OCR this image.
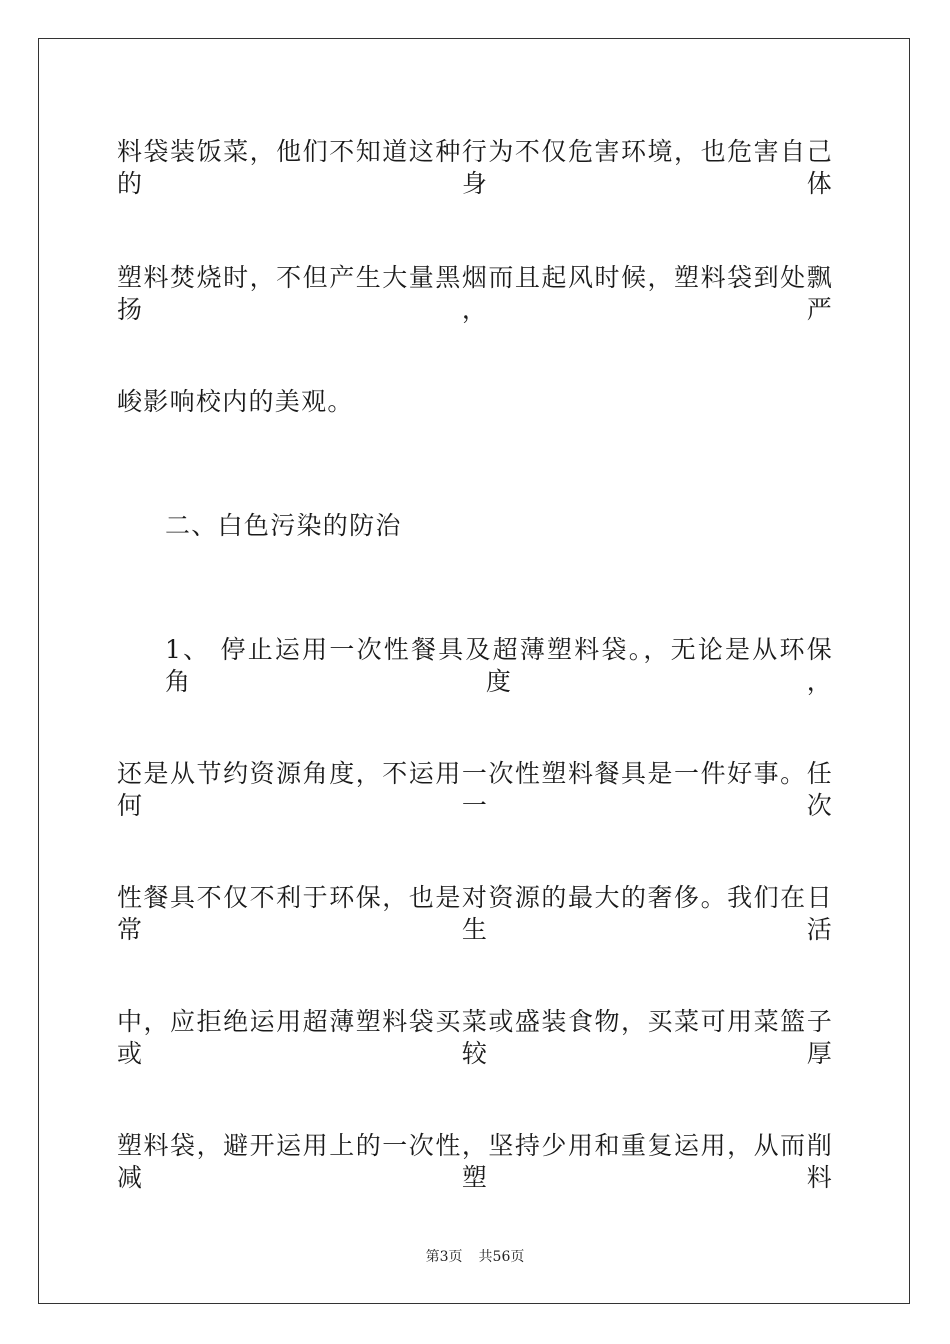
料袋装饭菜，他们不知道这种行为不仅危害环境，也危害自己的身体
塑料焚烧时，不但产生大量黑烟而且起风时候，塑料袋到处飘扬，严
峻影响校内的美观。
二、白色污染的防治
1、 停止运用一次性餐具及超薄塑料袋。，无论是从环保角度，
还是从节约资源角度，不运用一次性塑料餐具是一件好事。任何一次
性餐具不仅不利于环保，也是对资源的最大的奢侈。我们在日常生活
中，应拒绝运用超薄塑料袋买菜或盛装食物，买菜可用菜篮子或较厚
塑料袋，避开运用上的一次性，坚持少用和重复运用，从而削减塑料
第3页 共56页
